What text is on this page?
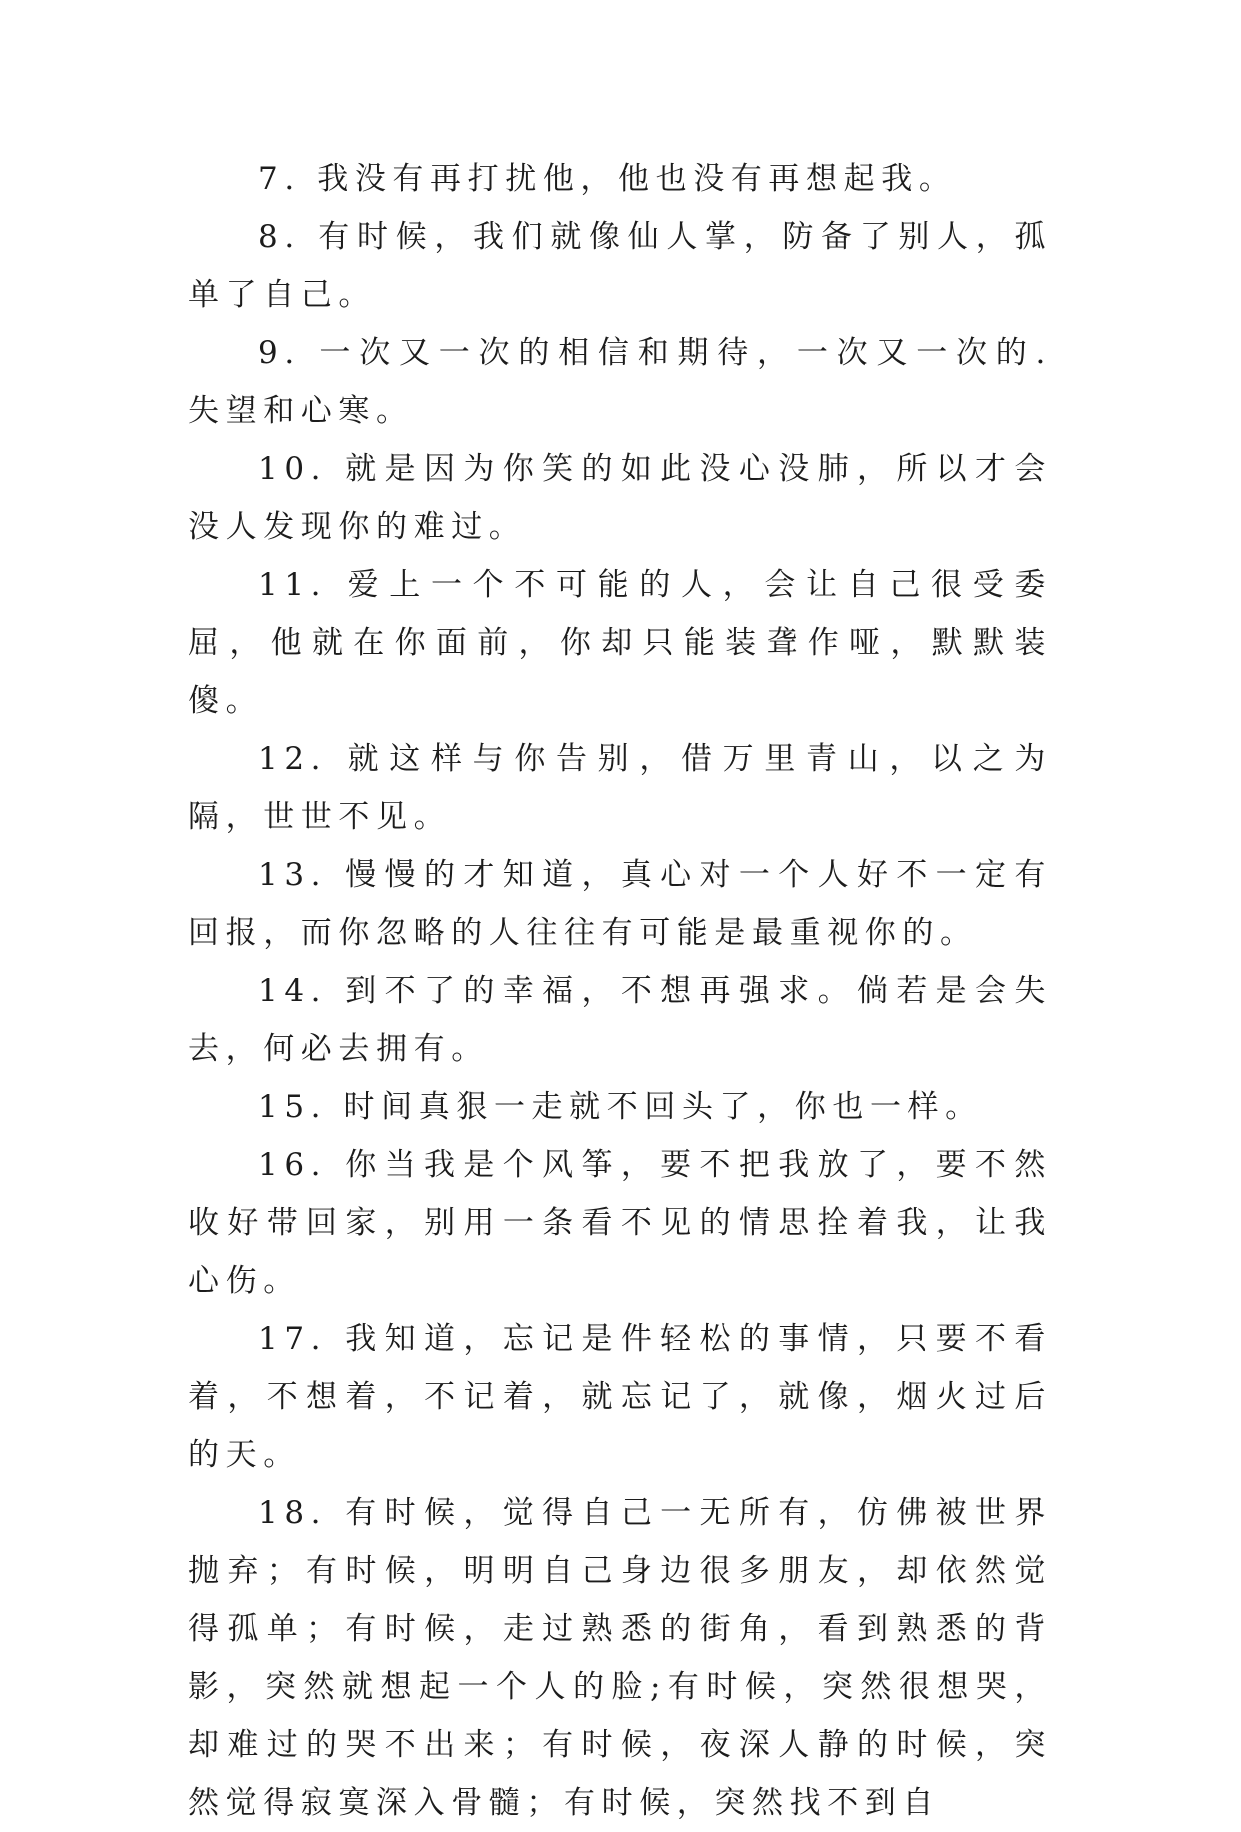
7. 我没有再打扰他，他也没有再想起我。

8. 有时候，我们就像仙人掌，防备了别人，孤单了自己。

9. 一次又一次的相信和期待，一次又一次的. 失望和心寒。

10. 就是因为你笑的如此没心没肺，所以才会没人发现你的难过。

11. 爱上一个不可能的人，会让自己很受委屈，他就在你面前，你却只能装聋作哑，默默装傻。

12. 就这样与你告别，借万里青山，以之为隔，世世不见。

13. 慢慢的才知道，真心对一个人好不一定有回报，而你忽略的人往往有可能是最重视你的。

14. 到不了的幸福，不想再强求。倘若是会失去，何必去拥有。

15. 时间真狠一走就不回头了，你也一样。

16. 你当我是个风筝，要不把我放了，要不然收好带回家，别用一条看不见的情思拴着我，让我心伤。

17. 我知道，忘记是件轻松的事情，只要不看着，不想着，不记着，就忘记了，就像，烟火过后的天。

18. 有时候，觉得自己一无所有，仿佛被世界抛弃；有时候，明明自己身边很多朋友，却依然觉得孤单；有时候，走过熟悉的街角，看到熟悉的背影，突然就想起一个人的脸;有时候，突然很想哭，却难过的哭不出来；有时候，夜深人静的时候，突然觉得寂寞深入骨髓；有时候，突然找不到自
